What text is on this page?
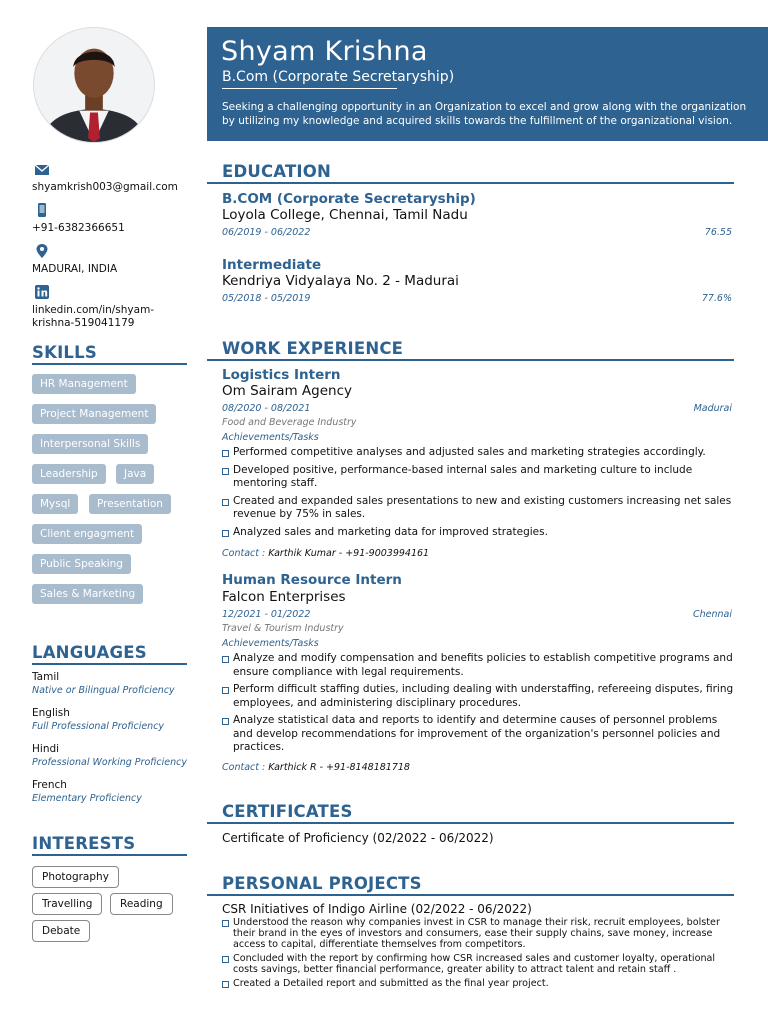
shyamkrish003@gmail.com
+91-6382366651
MADURAI, INDIA
linkedin.com/in/shyam-
krishna-519041179
SKILLS
HR Management
Project Management
Interpersonal Skills
Leadership	Java
Mysql	Presentation
Client engagment
Public Speaking
Sales & Marketing
LANGUAGES
Tamil
Native or Bilingual Proficiency
English
Full Professional Proficiency
Hindi
Professional Working Proficiency
French
Elementary Proficiency
INTERESTS
Photography
Travelling	Reading
Debate
Shyam Krishna
B.Com (Corporate Secretaryship)
Seeking a challenging opportunity in an Organization to excel and grow along with the organization by utilizing my knowledge and acquired skills towards the fulfillment of the organizational vision.
EDUCATION
B.COM (Corporate Secretaryship)
Loyola College, Chennai, Tamil Nadu
06/2019 - 06/2022	76.55
Intermediate
Kendriya Vidyalaya No. 2 - Madurai
05/2018 - 05/2019	77.6%
WORK EXPERIENCE
Logistics Intern
Om Sairam Agency
08/2020 - 08/2021	Madurai
Food and Beverage Industry
Achievements/Tasks
Performed competitive analyses and adjusted sales and marketing strategies accordingly.
Developed positive, performance-based internal sales and marketing culture to include mentoring staff.
Created and expanded sales presentations to new and existing customers increasing net sales revenue by 75% in sales.
Analyzed sales and marketing data for improved strategies.
Contact : Karthik Kumar - +91-9003994161
Human Resource Intern
Falcon Enterprises
12/2021 - 01/2022	Chennai
Travel & Tourism Industry
Achievements/Tasks
Analyze and modify compensation and benefits policies to establish competitive programs and ensure compliance with legal requirements.
Perform difficult staffing duties, including dealing with understaffing, refereeing disputes, firing employees, and administering disciplinary procedures.
Analyze statistical data and reports to identify and determine causes of personnel problems and develop recommendations for improvement of the organization's personnel policies and practices.
Contact : Karthick R - +91-8148181718
CERTIFICATES
Certificate of Proficiency (02/2022 - 06/2022)
PERSONAL PROJECTS
CSR Initiatives of Indigo Airline (02/2022 - 06/2022)
Understood the reason why companies invest in CSR to manage their risk, recruit employees, bolster their brand in the eyes of investors and consumers, ease their supply chains, save money, increase access to capital, differentiate themselves from competitors.
Concluded with the report by confirming how CSR increased sales and customer loyalty, operational costs savings, better financial performance, greater ability to attract talent and retain staff .
Created a Detailed report and submitted as the final year project.
